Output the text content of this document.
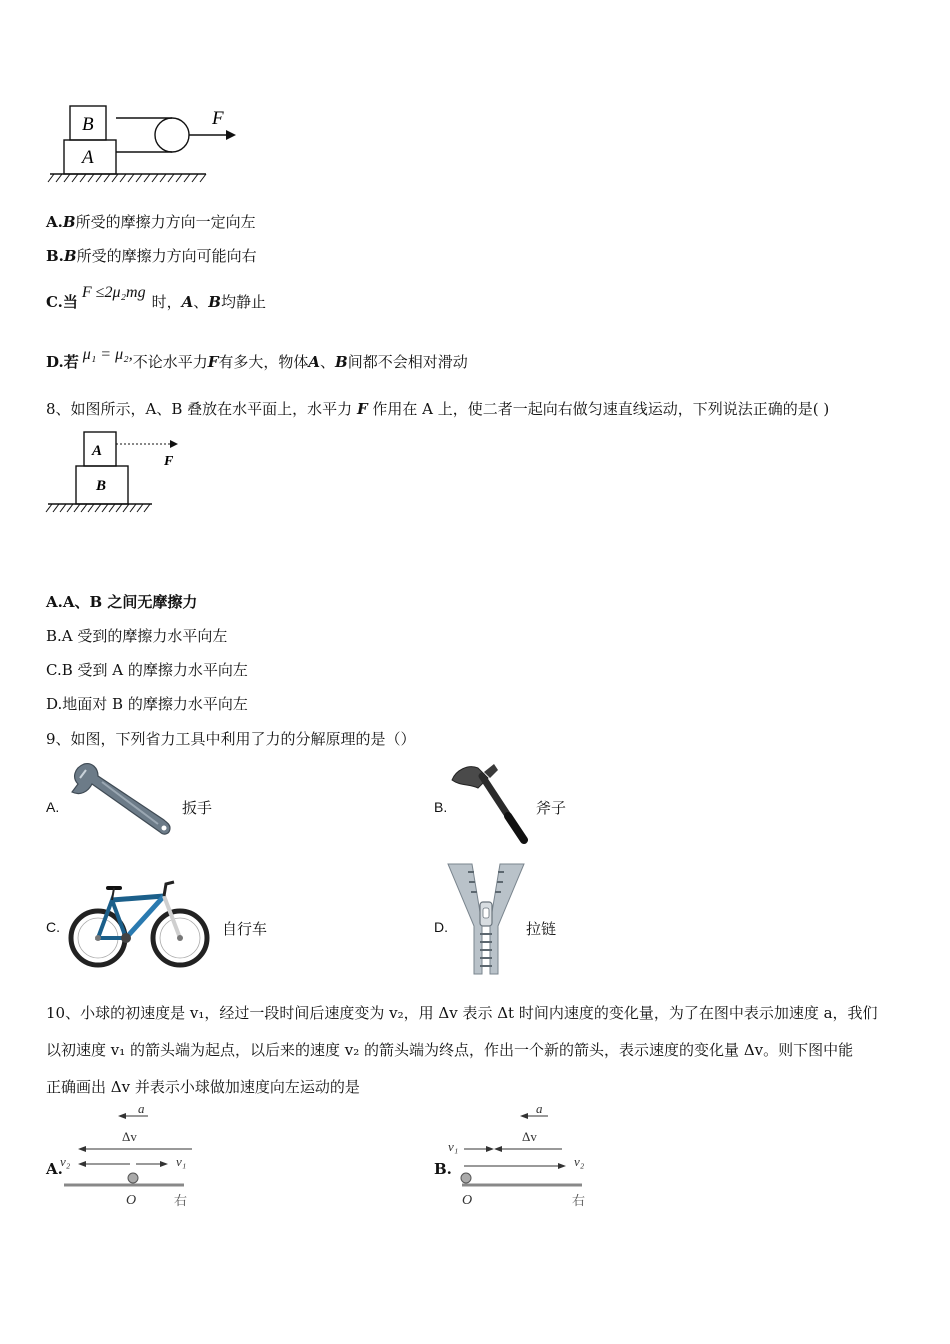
B
A
F
A.B所受的摩擦力方向一定向左
B.B所受的摩擦力方向可能向右
C.当F ≤2μ₂mg时，A、B均静止
D.若 μ₁ = μ₂,不论水平力F有多大，物体A、B间都不会相对滑动
8、如图所示，A、B 叠放在水平面上，水平力 F 作用在 A 上，使二者一起向右做匀速直线运动，下列说法正确的是( )
A
B
F
A.A、B 之间无摩擦力
B.A 受到的摩擦力水平向左
C.B 受到 A 的摩擦力水平向左
D.地面对 B 的摩擦力水平向左
9、如图，下列省力工具中利用了力的分解原理的是（）
A.	扳手	B.	斧子
C.	自行车	D.	拉链
10、小球的初速度是 v₁，经过一段时间后速度变为 v₂，用 Δv 表示 Δt 时间内速度的变化量，为了在图中表示加速度 a，我们
以初速度 v₁ 的箭头端为起点，以后来的速度 v₂ 的箭头端为终点，作出一个新的箭头，表示速度的变化量 Δv。则下图中能
正确画出 Δv 并表示小球做加速度向左运动的是
A.
a
Δv
v₂	v₁
O	右
B.
a
Δv
v₁
v₂
O	右
